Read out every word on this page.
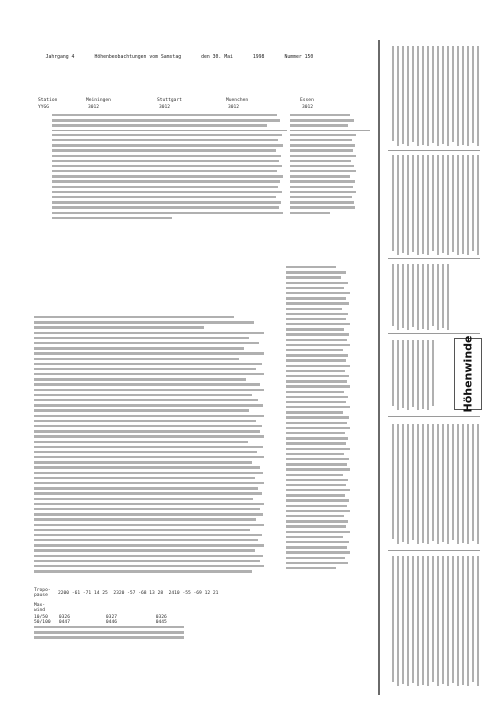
Jahrgang 4	Höhenbeobachtungen vom Samstag	den 30. Mai	1998	Nummer 150

Station
YYGG
Meiningen	Stuttgart	Muenchen	Essen
3012	3012	3012	3012
Tropo-
pause	2200 -61 -71 14 25  2320 -57 -68 13 28  2410 -55 -69 12 21
Max-
wind
10/50    0326             0327              0326
50/100   0447             0446              0445
Höhenwinde
